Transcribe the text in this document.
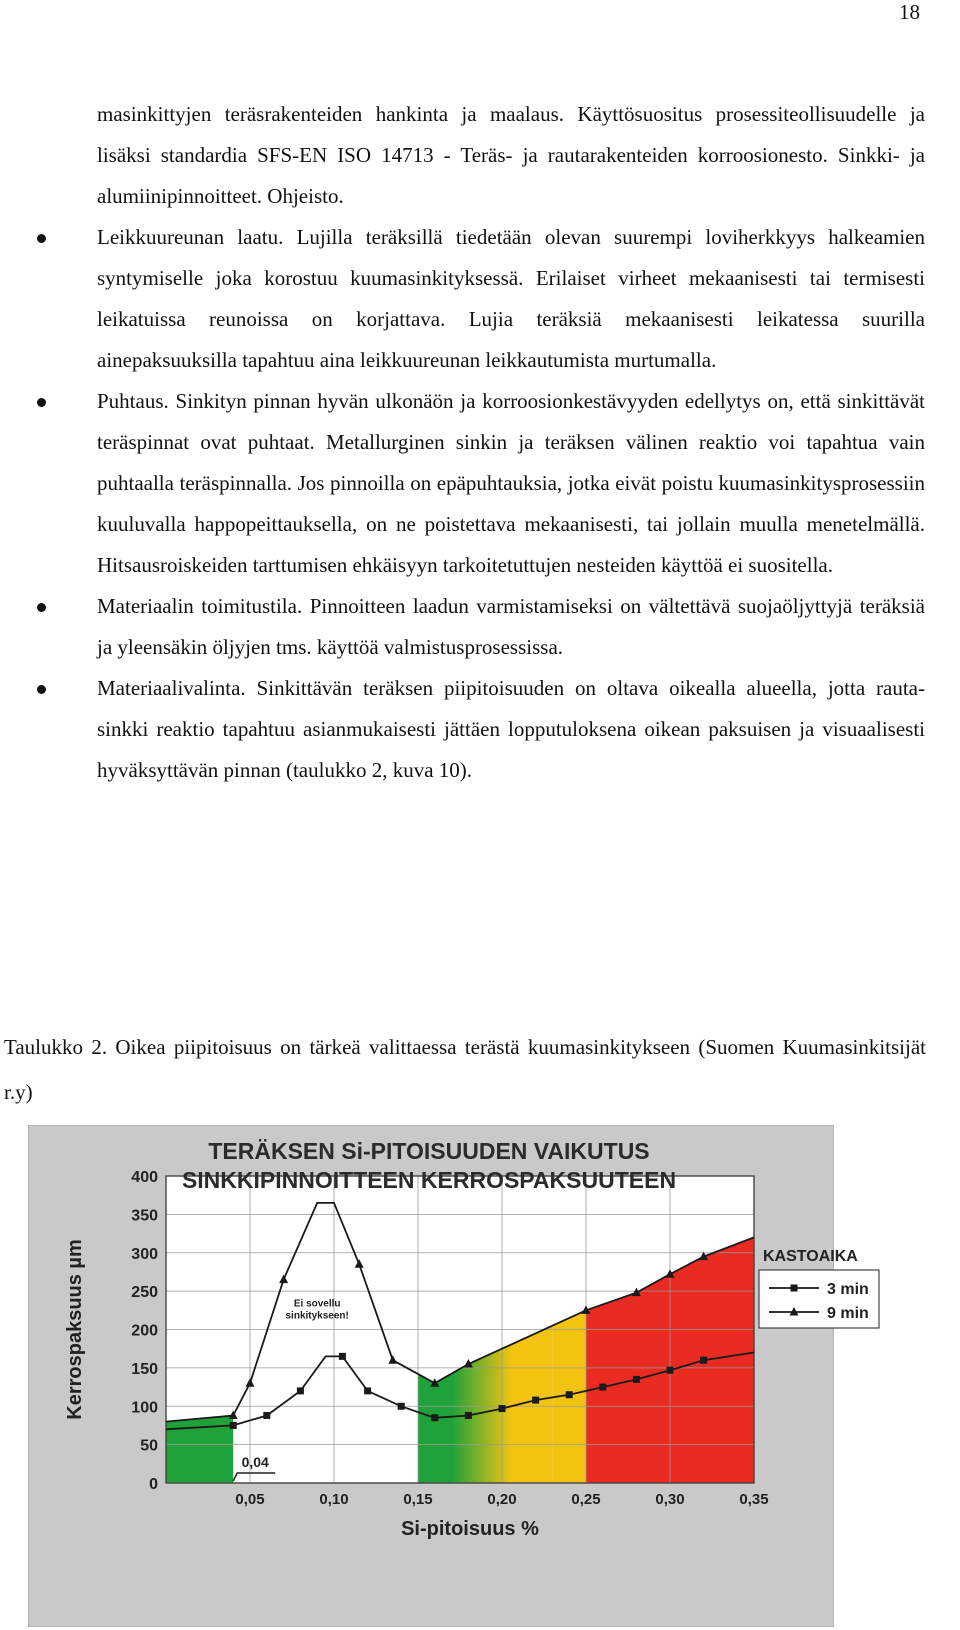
18

masinkittyjen teräsrakenteiden hankinta ja maalaus. Käyttösuositus prosessiteollisuudelle ja lisäksi standardia SFS-EN ISO 14713 - Teräs- ja rautarakenteiden korroosionesto. Sinkki- ja alumiinipinnoitteet. Ohjeisto.

Leikkuureunan laatu. Lujilla teräksillä tiedetään olevan suurempi loviherkkyys halkeamien syntymiselle joka korostuu kuumasinkityksessä. Erilaiset virheet mekaanisesti tai termisesti leikatuissa reunoissa on korjattava. Lujia teräksiä mekaanisesti leikatessa suurilla ainepaksuuksilla tapahtuu aina leikkuureunan leikkautumista murtumalla.

Puhtaus. Sinkityn pinnan hyvän ulkonäön ja korroosionkestävyyden edellytys on, että sinkittävät teräspinnat ovat puhtaat. Metallurginen sinkin ja teräksen välinen reaktio voi tapahtua vain puhtaalla teräspinnalla. Jos pinnoilla on epäpuhtauksia, jotka eivät poistu kuumasinkitysprosessiin kuuluvalla happopeittauksella, on ne poistettava mekaanisesti, tai jollain muulla menetelmällä. Hitsausroiskeiden tarttumisen ehkäisyyn tarkoitetuttujen nesteiden käyttöä ei suositella.

Materiaalin toimitustila. Pinnoitteen laadun varmistamiseksi on vältettävä suojaöljyttyjä teräksiä ja yleensäkin öljyjen tms. käyttöä valmistusprosessissa.

Materiaalivalinta. Sinkittävän teräksen piipitoisuuden on oltava oikealla alueella, jotta rauta-sinkki reaktio tapahtuu asianmukaisesti jättäen lopputuloksena oikean paksuisen ja visuaalisesti hyväksyttävän pinnan (taulukko 2, kuva 10).

Taulukko 2. Oikea piipitoisuus on tärkeä valittaessa terästä kuumasinkitykseen (Suomen Kuumasinkitsijät r.y)

TERÄKSEN Si-PITOISUUDEN VAIKUTUS
SINKKIPINNOITTEEN KERROSPAKSUUTEEN
0
50
100
150
200
250
300
350
400
0,05	0,10	0,15	0,20	0,25	0,30	0,35
Si-pitoisuus %
Kerrospaksuus µm	Ei sovellu
sinkitykseen!
0,04
KASTOAIKA
3 min
9 min
